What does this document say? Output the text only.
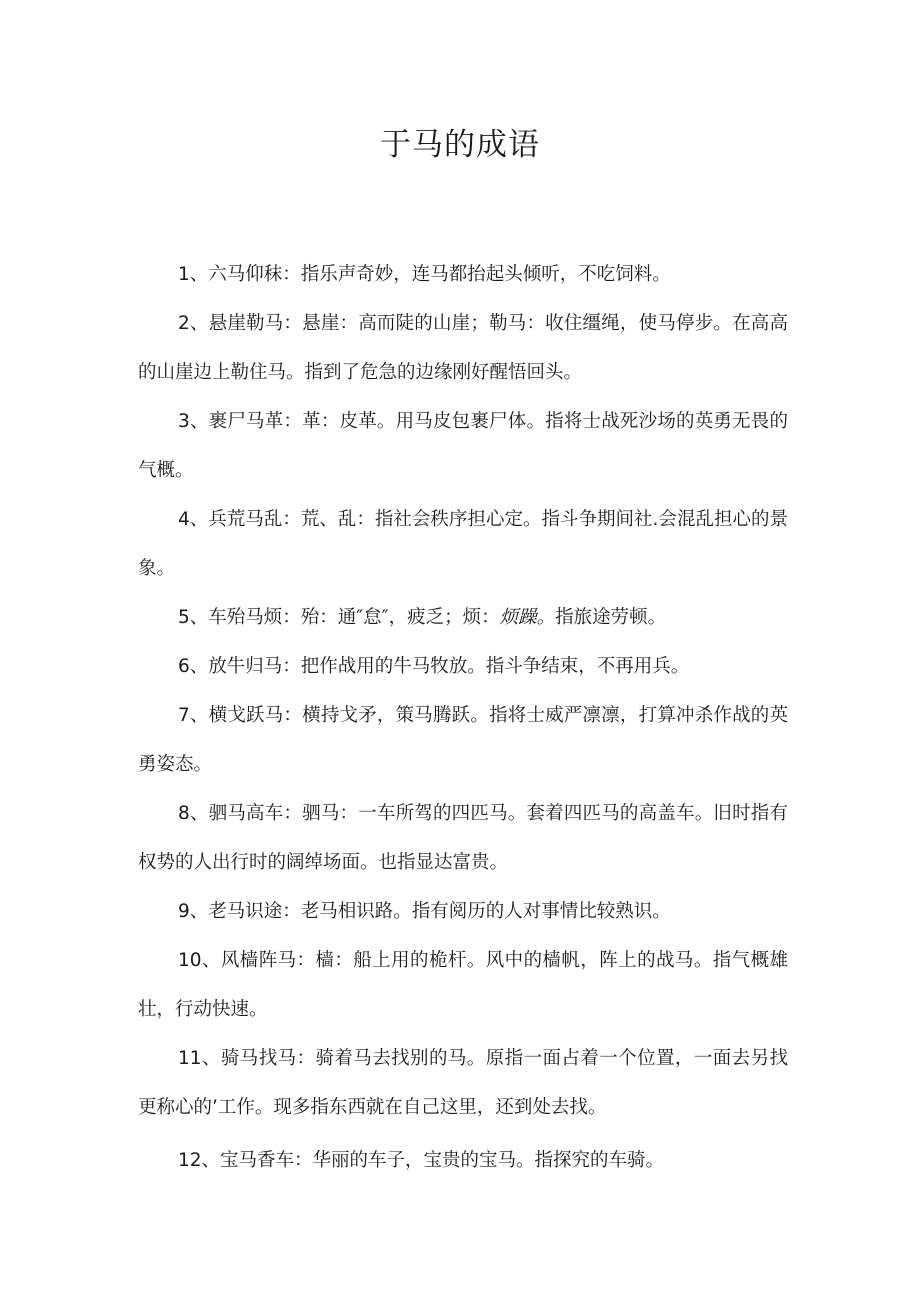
于马的成语

1、六马仰秣：指乐声奇妙，连马都抬起头倾听，不吃饲料。

2、悬崖勒马：悬崖：高而陡的山崖；勒马：收住缰绳，使马停步。在高高的山崖边上勒住马。指到了危急的边缘刚好醒悟回头。

3、裹尸马革：革：皮革。用马皮包裹尸体。指将士战死沙场的英勇无畏的气概。

4、兵荒马乱：荒、乱：指社会秩序担心定。指斗争期间社.会混乱担心的景象。

5、车殆马烦：殆：通″怠″，疲乏；烦：烦躁。指旅途劳顿。

6、放牛归马：把作战用的牛马牧放。指斗争结束，不再用兵。

7、横戈跃马：横持戈矛，策马腾跃。指将士威严凛凛，打算冲杀作战的英勇姿态。

8、驷马高车：驷马：一车所驾的四匹马。套着四匹马的高盖车。旧时指有权势的人出行时的阔绰场面。也指显达富贵。

9、老马识途：老马相识路。指有阅历的人对事情比较熟识。

10、风樯阵马：樯：船上用的桅杆。风中的樯帆，阵上的战马。指气概雄壮，行动快速。

11、骑马找马：骑着马去找别的马。原指一面占着一个位置，一面去另找更称心的’工作。现多指东西就在自己这里，还到处去找。

12、宝马香车：华丽的车子，宝贵的宝马。指探究的车骑。
